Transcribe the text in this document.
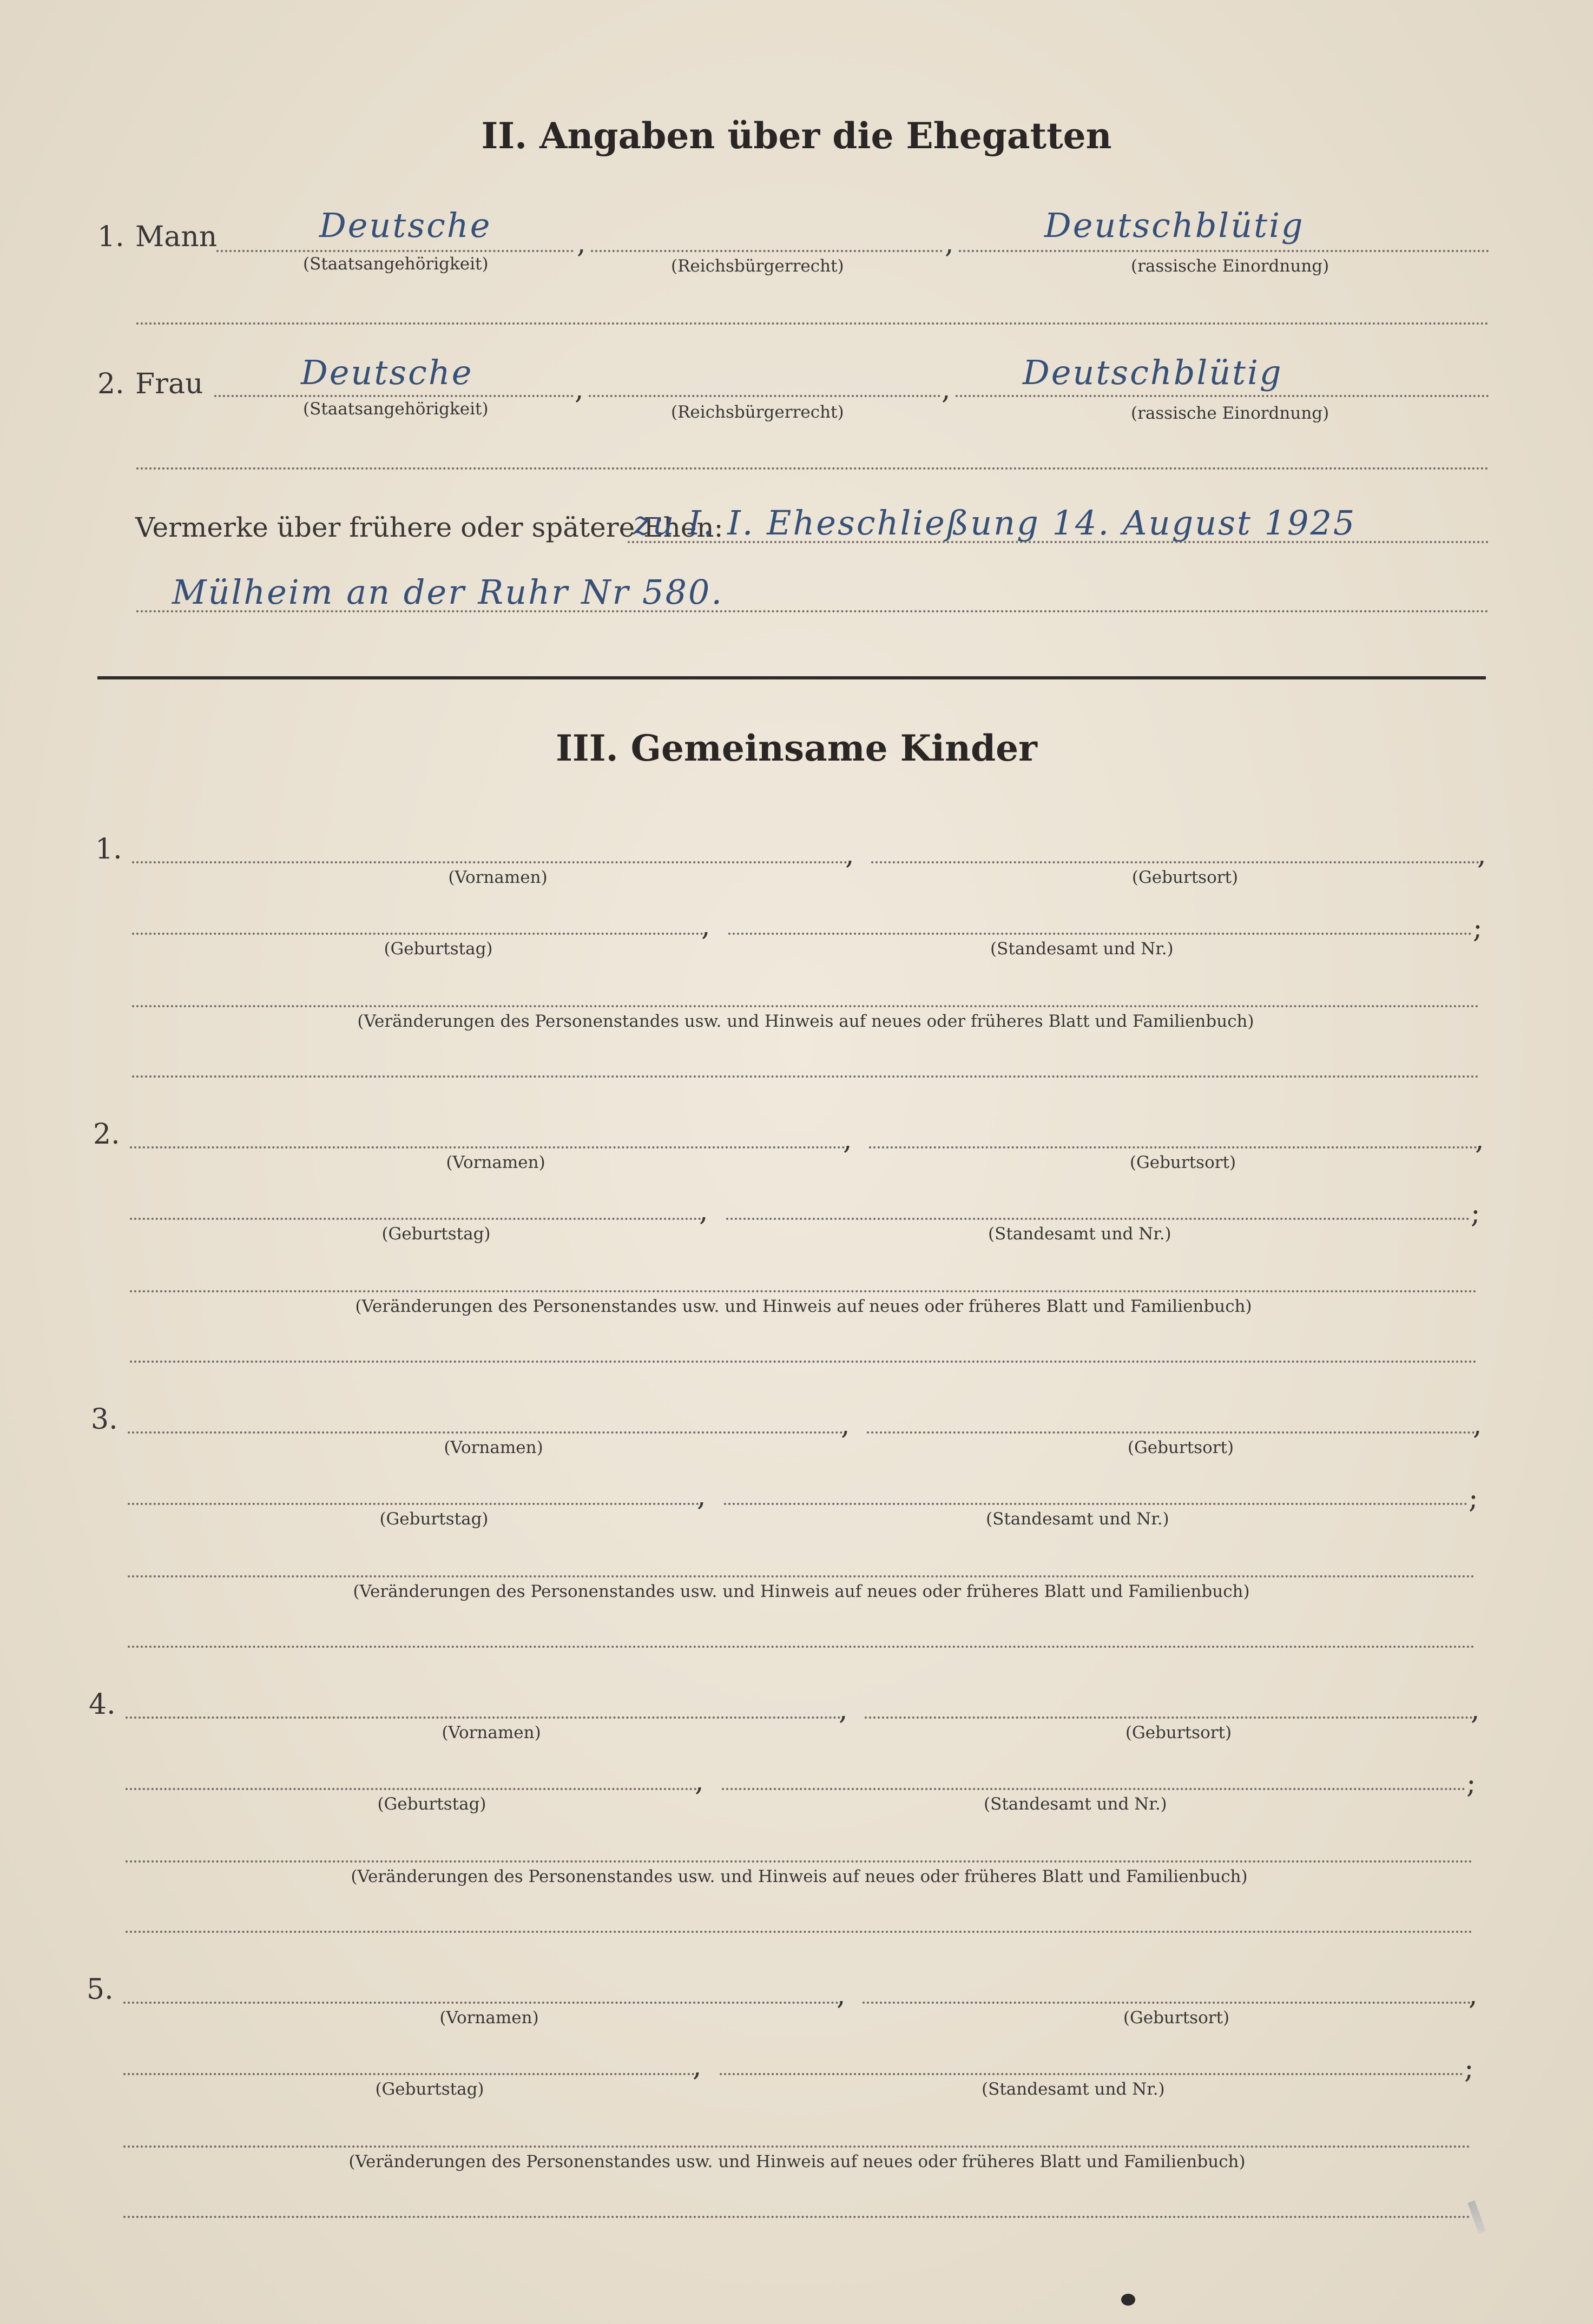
II. Angaben über die Ehegatten
1. Mann	Deutsche	,	,	Deutschblütig
(Staatsangehörigkeit)	(Reichsbürgerrecht)	(rassische Einordnung)
2. Frau	Deutsche	,	, Deutschblütig
(Staatsangehörigkeit)	(Reichsbürgerrecht)	(rassische Einordnung)
Vermerke über frühere oder spätere Ehen:
zu I. I. Eheschließung 14. August 1925
Mülheim an der Ruhr Nr 580.
III. Gemeinsame Kinder
1.	,	,
(Vornamen)	(Geburtsort)
,	;
(Geburtstag)	(Standesamt und Nr.)
(Veränderungen des Personenstandes usw. und Hinweis auf neues oder früheres Blatt und Familienbuch)
2.	,	,
(Vornamen)	(Geburtsort)
,	;
(Geburtstag)	(Standesamt und Nr.)
(Veränderungen des Personenstandes usw. und Hinweis auf neues oder früheres Blatt und Familienbuch)
3.	,	,
(Vornamen)	(Geburtsort)
,	;
(Geburtstag)	(Standesamt und Nr.)
(Veränderungen des Personenstandes usw. und Hinweis auf neues oder früheres Blatt und Familienbuch)
4.	,	,
(Vornamen)	(Geburtsort)
,	;
(Geburtstag)	(Standesamt und Nr.)
(Veränderungen des Personenstandes usw. und Hinweis auf neues oder früheres Blatt und Familienbuch)
5.	,	,
(Vornamen)	(Geburtsort)
,	;
(Geburtstag)	(Standesamt und Nr.)
(Veränderungen des Personenstandes usw. und Hinweis auf neues oder früheres Blatt und Familienbuch)
